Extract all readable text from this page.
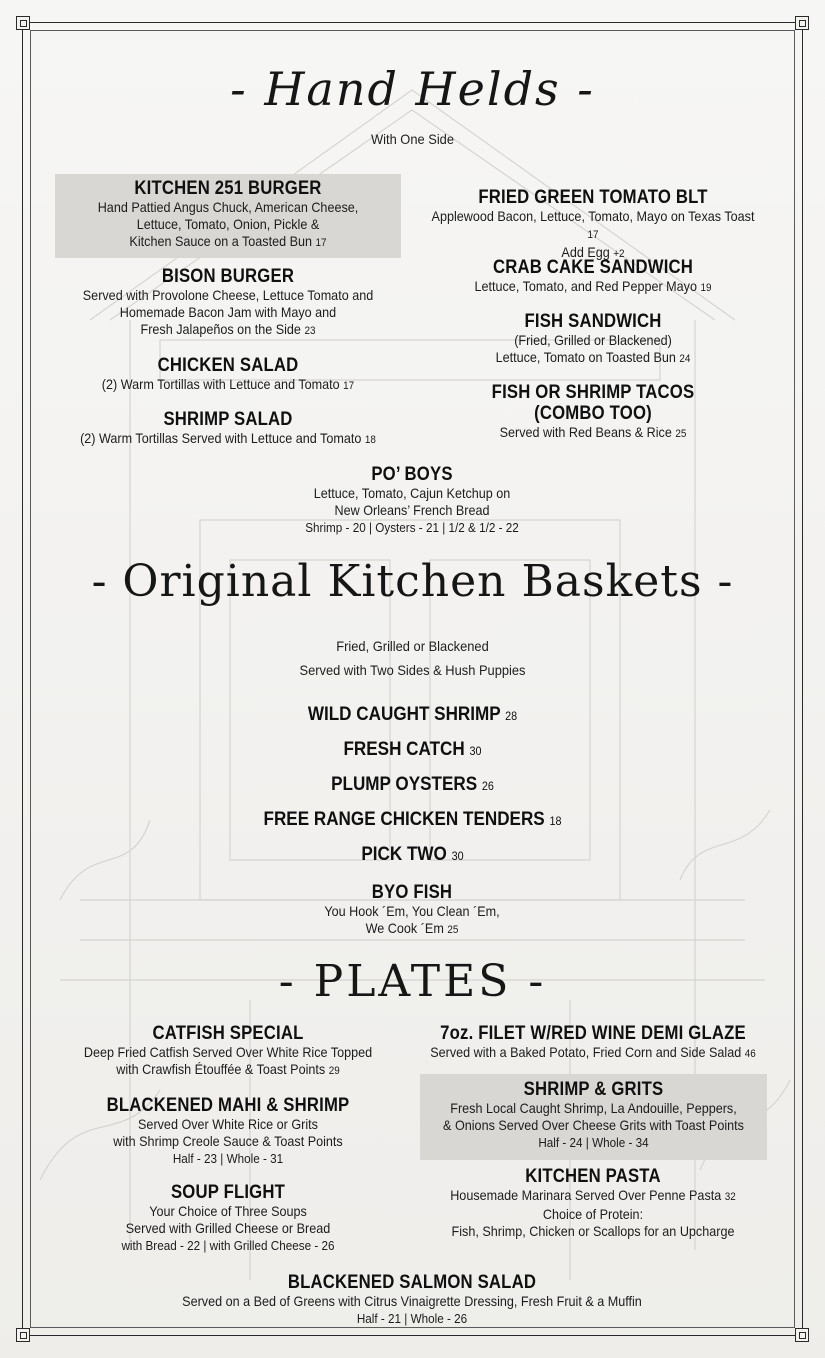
- Hand Helds -
With One Side
KITCHEN 251 BURGER
Hand Pattied Angus Chuck, American Cheese,
Lettuce, Tomato, Onion, Pickle &
Kitchen Sauce on a Toasted Bun 17
BISON BURGER
Served with Provolone Cheese, Lettuce Tomato and
Homemade Bacon Jam with Mayo and
Fresh Jalapeños on the Side 23
CHICKEN SALAD
(2) Warm Tortillas with Lettuce and Tomato 17
SHRIMP SALAD
(2) Warm Tortillas Served with Lettuce and Tomato 18
FRIED GREEN TOMATO BLT
Applewood Bacon, Lettuce, Tomato, Mayo on Texas Toast 17
Add Egg +2
CRAB CAKE SANDWICH
Lettuce, Tomato, and Red Pepper Mayo 19
FISH SANDWICH
(Fried, Grilled or Blackened)
Lettuce, Tomato on Toasted Bun 24
FISH OR SHRIMP TACOS
(COMBO TOO)
Served with Red Beans & Rice 25
PO’ BOYS
Lettuce, Tomato, Cajun Ketchup on
New Orleans’ French Bread
Shrimp - 20 | Oysters - 21 | 1/2 & 1/2 - 22
- Original Kitchen Baskets -
Fried, Grilled or Blackened
Served with Two Sides & Hush Puppies
WILD CAUGHT SHRIMP 28
FRESH CATCH 30
PLUMP OYSTERS 26
FREE RANGE CHICKEN TENDERS 18
PICK TWO 30
BYO FISH
You Hook ´Em, You Clean ´Em,
We Cook ´Em 25
- PLATES -
CATFISH SPECIAL
Deep Fried Catfish Served Over White Rice Topped
with Crawfish Étouffée & Toast Points 29
BLACKENED MAHI & SHRIMP
Served Over White Rice or Grits
with Shrimp Creole Sauce & Toast Points
Half - 23 | Whole - 31
SOUP FLIGHT
Your Choice of Three Soups
Served with Grilled Cheese or Bread
with Bread - 22 | with Grilled Cheese - 26
7oz. FILET W/RED WINE DEMI GLAZE
Served with a Baked Potato, Fried Corn and Side Salad 46
SHRIMP & GRITS
Fresh Local Caught Shrimp, La Andouille, Peppers,
& Onions Served Over Cheese Grits with Toast Points
Half - 24 | Whole - 34
KITCHEN PASTA
Housemade Marinara Served Over Penne Pasta 32
Choice of Protein:
Fish, Shrimp, Chicken or Scallops for an Upcharge
BLACKENED SALMON SALAD
Served on a Bed of Greens with Citrus Vinaigrette Dressing, Fresh Fruit & a Muffin
Half - 21 | Whole - 26
